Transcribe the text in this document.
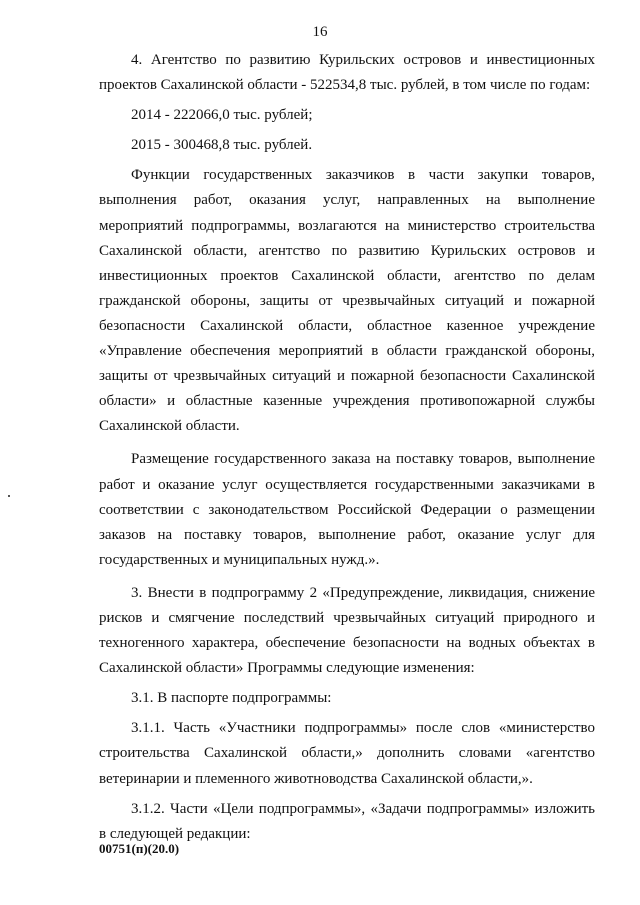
16

4. Агентство по развитию Курильских островов и инвестиционных проектов Сахалинской области - 522534,8 тыс. рублей, в том числе по годам:

2014 - 222066,0 тыс. рублей;

2015 - 300468,8 тыс. рублей.

Функции государственных заказчиков в части закупки товаров, выполнения работ, оказания услуг, направленных на выполнение мероприятий подпрограммы, возлагаются на министерство строительства Сахалинской области, агентство по развитию Курильских островов и инвестиционных проектов Сахалинской области, агентство по делам гражданской обороны, защиты от чрезвычайных ситуаций и пожарной безопасности Сахалинской области, областное казенное учреждение «Управление обеспечения мероприятий в области гражданской обороны, защиты от чрезвычайных ситуаций и пожарной безопасности Сахалинской области» и областные казенные учреждения противопожарной службы Сахалинской области.

Размещение государственного заказа на поставку товаров, выполнение работ и оказание услуг осуществляется государственными заказчиками в соответствии с законодательством Российской Федерации о размещении заказов на поставку товаров, выполнение работ, оказание услуг для государственных и муниципальных нужд.».

3. Внести в подпрограмму 2 «Предупреждение, ликвидация, снижение рисков и смягчение последствий чрезвычайных ситуаций природного и техногенного характера, обеспечение безопасности на водных объектах в Сахалинской области» Программы следующие изменения:

3.1. В паспорте подпрограммы:

3.1.1. Часть «Участники подпрограммы» после слов «министерство строительства Сахалинской области,» дополнить словами «агентство ветеринарии и племенного животноводства Сахалинской области,».

3.1.2. Части «Цели подпрограммы», «Задачи подпрограммы» изложить в следующей редакции:

00751(п)(20.0)
